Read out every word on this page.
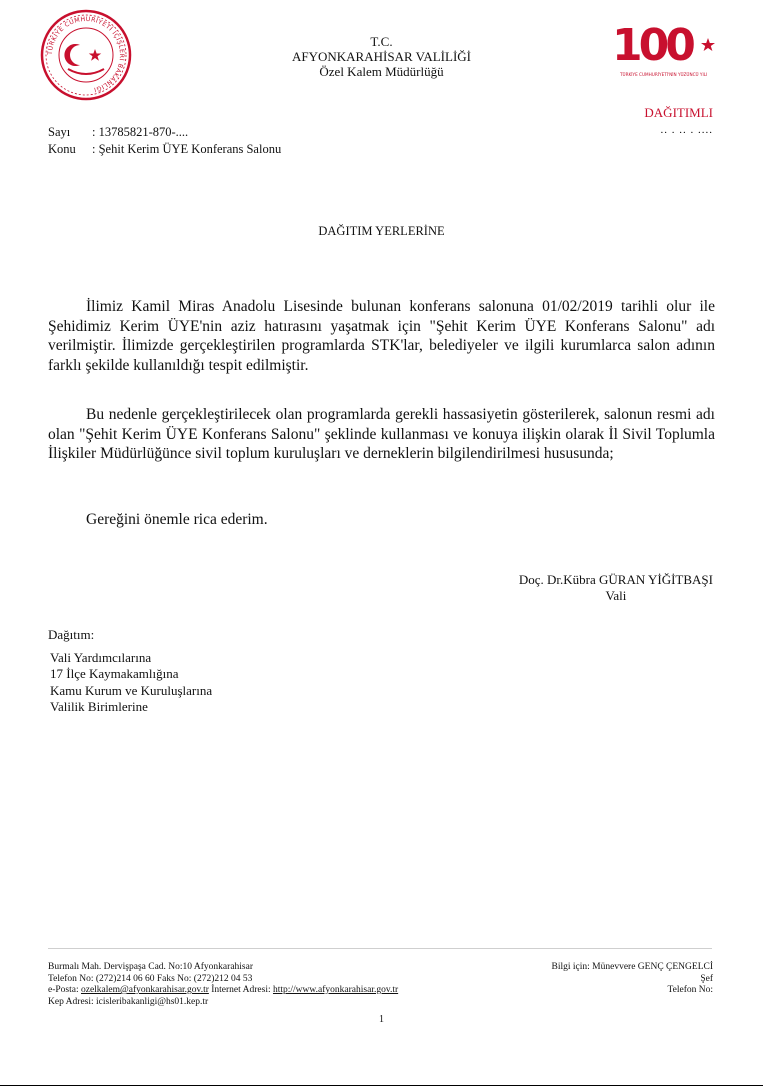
TÜRKİYE CUMHURİYETİ İÇİŞLERİ BAKANLIĞI
T.C.
AFYONKARAHİSAR VALİLİĞİ
Özel Kalem Müdürlüğü
100
TÜRKİYE CUMHURİYETİ'NİN YÜZÜNCÜ YILI
DAĞITIMLI
.. . .. . ....
Sayı : 13785821-870-....
Konu : Şehit Kerim ÜYE Konferans Salonu
DAĞITIM YERLERİNE

İlimiz Kamil Miras Anadolu Lisesinde bulunan konferans salonuna 01/02/2019 tarihli olur ile Şehidimiz Kerim ÜYE'nin aziz hatırasını yaşatmak için "Şehit Kerim ÜYE Konferans Salonu" adı verilmiştir. İlimizde gerçekleştirilen programlarda STK'lar, belediyeler ve ilgili kurumlarca salon adının farklı şekilde kullanıldığı tespit edilmiştir.

Bu nedenle gerçekleştirilecek olan programlarda gerekli hassasiyetin gösterilerek, salonun resmi adı olan "Şehit Kerim ÜYE Konferans Salonu" şeklinde kullanması ve konuya ilişkin olarak İl Sivil Toplumla İlişkiler Müdürlüğünce sivil toplum kuruluşları ve derneklerin bilgilendirilmesi hususunda;

Gereğini önemle rica ederim.

Doç. Dr.Kübra GÜRAN YİĞİTBAŞI
Vali
Dağıtım:
Vali Yardımcılarına
17 İlçe Kaymakamlığına
Kamu Kurum ve Kuruluşlarına
Valilik Birimlerine
Burmalı Mah. Dervişpaşa Cad. No:10 Afyonkarahisar
Telefon No: (272)214 06 60 Faks No: (272)212 04 53
e-Posta: ozelkalem@afyonkarahisar.gov.tr İnternet Adresi: http://www.afyonkarahisar.gov.tr
Kep Adresi: icisleribakanligi@hs01.kep.tr
Bilgi için: Münevvere GENÇ ÇENGELCİ
Şef
Telefon No:
1
